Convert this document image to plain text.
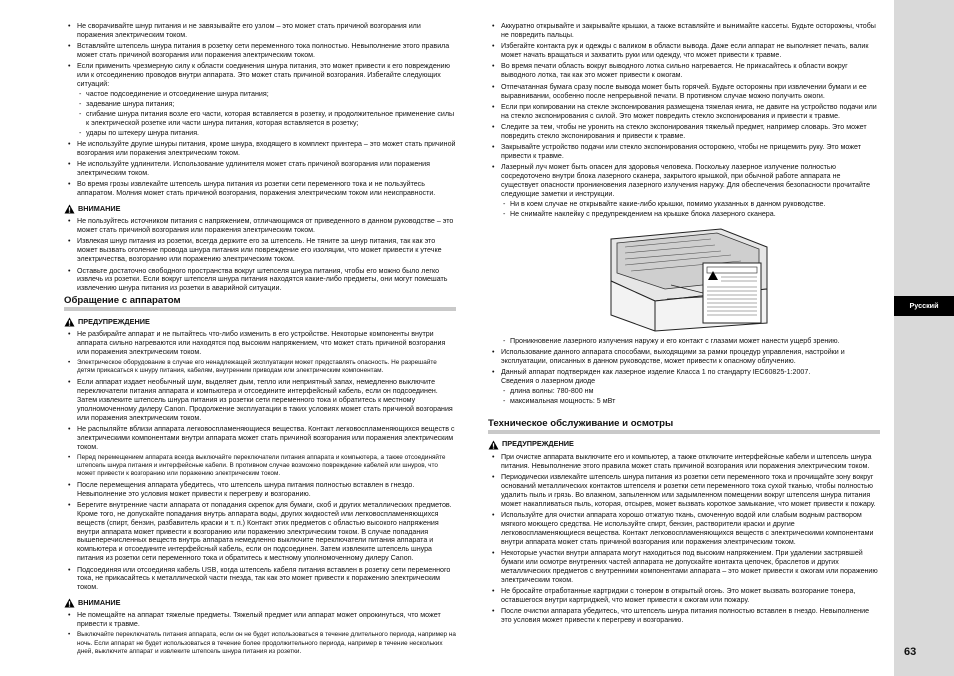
• Не сворачивайте шнур питания и не завязывайте его узлом – это может стать причиной возгорания или поражения электрическим током.
• Вставляйте штепсель шнура питания в розетку сети переменного тока полностью. Невыполнение этого правила может стать причиной возгорания или поражения электрическим током.
• Если применить чрезмерную силу к области соединения шнура питания, это может привести к его повреждению или к отсоединению проводов внутри аппарата. Это может стать причиной возгорания. Избегайте следующих ситуаций:
- частое подсоединение и отсоединение шнура питания;
- задевание шнура питания;
- сгибание шнура питания возле его части, которая вставляется в розетку, и продолжительное применение силы к электрической розетке или части шнура питания, которая вставляется в розетку;
- удары по штекеру шнура питания.
• Не используйте другие шнуры питания, кроме шнура, входящего в комплект принтера – это может стать причиной возгорания или поражения электрическим током.
• Не используйте удлинители. Использование удлинителя может стать причиной возгорания или поражения электрическим током.
• Во время грозы извлекайте штепсель шнура питания из розетки сети переменного тока и не пользуйтесь аппаратом. Молния может стать причиной возгорания, поражения электрическим током или неисправности.
ВНИМАНИЕ
• Не пользуйтесь источником питания с напряжением, отличающимся от приведенного в данном руководстве – это может стать причиной возгорания или поражения электрическим током.
• Извлекая шнур питания из розетки, всегда держите его за штепсель. Не тяните за шнур питания, так как это может вызвать оголение провода шнура питания или повреждение его изоляции, что может привести к утечке электричества, возгоранию или поражению электрическим током.
• Оставьте достаточно свободного пространства вокруг штепселя шнура питания, чтобы его можно было легко извлечь из розетки. Если вокруг штепселя шнура питания находятся какие-либо предметы, они могут помешать извлечению шнура питания из розетки в аварийной ситуации.
Обращение с аппаратом
ПРЕДУПРЕЖДЕНИЕ
• Не разбирайте аппарат и не пытайтесь что-либо изменить в его устройстве. Некоторые компоненты внутри аппарата сильно нагреваются или находятся под высоким напряжением, что может стать причиной возгорания или поражения электрическим током.
• Электрическое оборудование в случае его ненадлежащей эксплуатации может представлять опасность. Не разрешайте детям прикасаться к шнуру питания, кабелям, внутренним приводам или электрическим компонентам.
• Если аппарат издает необычный шум, выделяет дым, тепло или неприятный запах, немедленно выключите переключатели питания аппарата и компьютера и отсоедините интерфейсный кабель, если он подсоединен. Затем извлеките штепсель шнура питания из розетки сети переменного тока и обратитесь к местному уполномоченному дилеру Canon. Продолжение эксплуатации в таких условиях может стать причиной возгорания или поражения электрическим током.
• Не распыляйте вблизи аппарата легковоспламеняющиеся вещества. Контакт легковоспламеняющихся веществ с электрическими компонентами внутри аппарата может стать причиной возгорания или поражения электрическим током.
• Перед перемещением аппарата всегда выключайте переключатели питания аппарата и компьютера, а также отсоединяйте штепсель шнура питания и интерфейсные кабели. В противном случае возможно повреждение кабелей или шнуров, что может привести к возгоранию или поражению электрическим током.
• После перемещения аппарата убедитесь, что штепсель шнура питания полностью вставлен в гнездо. Невыполнение это условия может привести к перегреву и возгоранию.
• Берегите внутренние части аппарата от попадания скрепок для бумаги, скоб и других металлических предметов. Кроме того, не допускайте попадания внутрь аппарата воды, других жидкостей или легковоспламеняющихся веществ (спирт, бензин, разбавитель краски и т. п.) Контакт этих предметов с областью высокого напряжения внутри аппарата может привести к возгоранию или поражению электрическим током. В случае попадания вышеперечисленных веществ внутрь аппарата немедленно выключите переключатели питания аппарата и компьютера и отсоедините интерфейсный кабель, если он подсоединен. Затем извлеките штепсель шнура питания из розетки сети переменного тока и обратитесь к местному уполномоченному дилеру Canon.
• Подсоединяя или отсоединяя кабель USB, когда штепсель кабеля питания вставлен в розетку сети переменного тока, не прикасайтесь к металлической части гнезда, так как это может привести к поражению электрическим током.
ВНИМАНИЕ
• Не помещайте на аппарат тяжелые предметы. Тяжелый предмет или аппарат может опрокинуться, что может привести к травме.
• Выключайте переключатель питания аппарата, если он не будет использоваться в течение длительного периода, например на ночь. Если аппарат не будет использоваться в течение более продолжительного периода, например в течение нескольких дней, выключите аппарат и извлеките штепсель шнура питания из розетки.
• Аккуратно открывайте и закрывайте крышки, а также вставляйте и вынимайте кассеты. Будьте осторожны, чтобы не повредить пальцы.
• Избегайте контакта рук и одежды с валиком в области вывода. Даже если аппарат не выполняет печать, валик может начать вращаться и захватить руки или одежду, что может привести к травме.
• Во время печати область вокруг выводного лотка сильно нагревается. Не прикасайтесь к области вокруг выводного лотка, так как это может привести к ожогам.
• Отпечатанная бумага сразу после вывода может быть горячей. Будьте осторожны при извлечении бумаги и ее выравнивании, особенно после непрерывной печати. В противном случае можно получить ожоги.
• Если при копировании на стекле экспонирования размещена тяжелая книга, не давите на устройство подачи или на стекло экспонирования с силой. Это может повредить стекло экспонирования и привести к травме.
• Следите за тем, чтобы не уронить на стекло экспонирования тяжелый предмет, например словарь. Это может повредить стекло экспонирования и привести к травме.
• Закрывайте устройство подачи или стекло экспонирования осторожно, чтобы не прищемить руку. Это может привести к травме.
• Лазерный луч может быть опасен для здоровья человека. Поскольку лазерное излучение полностью сосредоточено внутри блока лазерного сканера, закрытого крышкой, при обычной работе аппарата не существует опасности проникновения лазерного излучения наружу. Для обеспечения безопасности прочитайте следующие заметки и инструкции.
- Ни в коем случае не открывайте какие-либо крышки, помимо указанных в данном руководстве.
- Не снимайте наклейку с предупреждением на крышке блока лазерного сканера.
- Проникновение лазерного излучения наружу и его контакт с глазами может нанести ущерб зрению.
• Использование данного аппарата способами, выходящими за рамки процедур управления, настройки и эксплуатации, описанных в данном руководстве, может привести к опасному облучению.
• Данный аппарат подтвержден как лазерное изделие Класса 1 по стандарту IEC60825-1:2007.
Сведения о лазерном диоде
- длина волны: 780-800 нм
- максимальная мощность: 5 мВт
Техническое обслуживание и осмотры
ПРЕДУПРЕЖДЕНИЕ
• При очистке аппарата выключите его и компьютер, а также отключите интерфейсные кабели и штепсель шнура питания. Невыполнение этого правила может стать причиной возгорания или поражения электрическим током.
• Периодически извлекайте штепсель шнура питания из розетки сети переменного тока и прочищайте зону вокруг оснований металлических контактов штепселя и розетки сети переменного тока сухой тканью, чтобы полностью удалить пыль и грязь. Во влажном, запыленном или задымленном помещении вокруг штепселя шнура питания может накапливаться пыль, которая, отсырев, может вызвать короткое замыкание, что может привести к пожару.
• Используйте для очистки аппарата хорошо отжатую ткань, смоченную водой или слабым водным раствором мягкого моющего средства. Не используйте спирт, бензин, растворители краски и другие легковоспламеняющиеся вещества. Контакт легковоспламеняющихся веществ с электрическими компонентами внутри аппарата может стать причиной возгорания или поражения электрическим током.
• Некоторые участки внутри аппарата могут находиться под высоким напряжением. При удалении застрявшей бумаги или осмотре внутренних частей аппарата не допускайте контакта цепочек, браслетов и других металлических предметов с внутренними компонентами аппарата – это может привести к ожогам или поражению электрическим током.
• Не бросайте отработанные картриджи с тонером в открытый огонь. Это может вызвать возгорание тонера, оставшегося внутри картриджей, что может привести к ожогам или пожару.
• После очистки аппарата убедитесь, что штепсель шнура питания полностью вставлен в гнездо. Невыполнение это условия может привести к перегреву и возгоранию.
Русский
63
